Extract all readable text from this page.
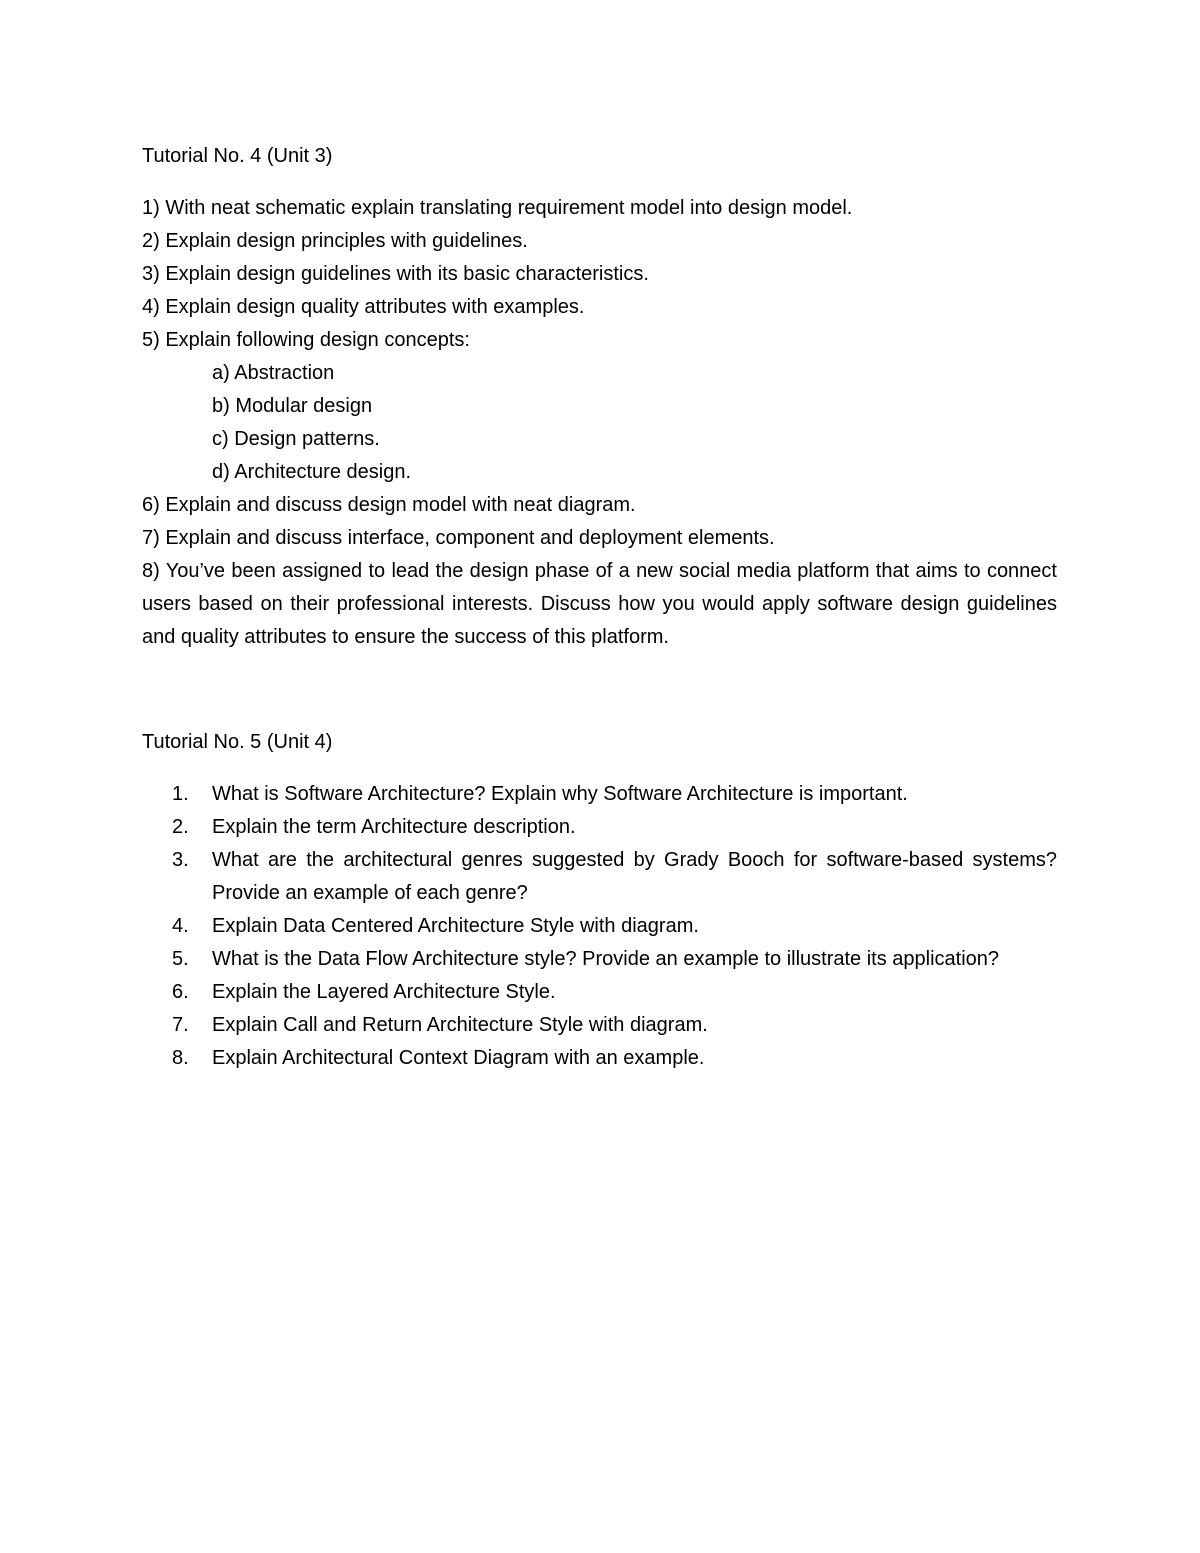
Tutorial No. 4 (Unit 3)
1) With neat schematic explain translating requirement model into design model.
2) Explain design principles with guidelines.
3) Explain design guidelines with its basic characteristics.
4) Explain design quality attributes with examples.
5) Explain following design concepts:
a) Abstraction
b) Modular design
c) Design patterns.
d) Architecture design.
6) Explain and discuss design model with neat diagram.
7) Explain and discuss interface, component and deployment elements.
8) You’ve been assigned to lead the design phase of a new social media platform that aims to connect users based on their professional interests. Discuss how you would apply software design guidelines and quality attributes to ensure the success of this platform.
Tutorial No. 5 (Unit 4)
1.	What is Software Architecture? Explain why Software Architecture is important.
2.	Explain the term Architecture description.
3.	What are the architectural genres suggested by Grady Booch for software-based systems? Provide an example of each genre?
4.	Explain Data Centered Architecture Style with diagram.
5.	What is the Data Flow Architecture style? Provide an example to illustrate its application?
6.	Explain the Layered Architecture Style.
7.	Explain Call and Return Architecture Style with diagram.
8.	Explain Architectural Context Diagram with an example.
